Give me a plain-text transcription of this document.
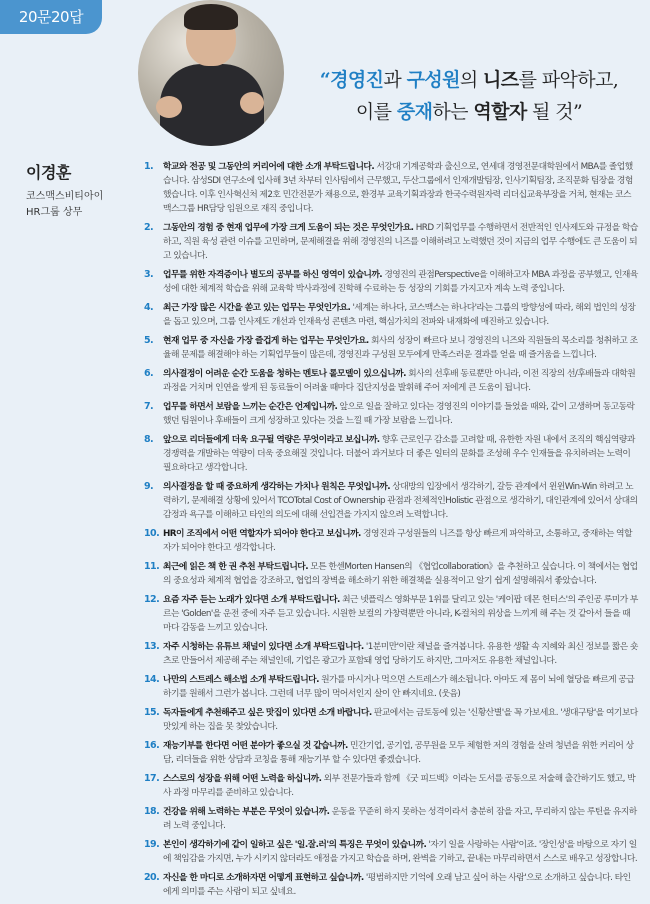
20문20답
“경영진과 구성원의 니즈를 파악하고,
이를 중재하는 역할자 될 것”
이경훈
코스맥스비티아이
HR그룹 상무
1. 학교와 전공 및 그동안의 커리어에 대한 소개 부탁드립니다. 서강대 기계공학과 출신으로, 연세대 경영전문대학원에서 MBA를 졸업했습니다. 삼성SDI 연구소에 입사해 3년 차부터 인사팀에서 근무했고, 두산그룹에서 인재개발팀장, 인사기획팀장, 조직문화 팀장을 경험했습니다. 이후 인사혁신처 제2호 민간전문가 채용으로, 환경부 교육기획과장과 한국수력원자력 리더십교육부장을 거쳐, 현재는 코스맥스그룹 HR담당 임원으로 재직 중입니다.
2. 그동안의 경험 중 현재 업무에 가장 크게 도움이 되는 것은 무엇인가요. HRD 기획업무를 수행하면서 전반적인 인사제도와 규정을 학습하고, 직원 육성 관련 이슈를 고민하며, 문제해결을 위해 경영진의 니즈를 이해하려고 노력했던 것이 지금의 업무 수행에도 큰 도움이 되고 있습니다.
3. 업무를 위한 자격증이나 별도의 공부를 하신 영역이 있습니까. 경영진의 관점Perspective을 이해하고자 MBA 과정을 공부했고, 인재육성에 대한 체계적 학습을 위해 교육학 박사과정에 진학해 수료하는 등 성장의 기회를 가지고자 계속 노력 중입니다.
4. 최근 가장 많은 시간을 쏟고 있는 업무는 무엇인가요. '세계는 하나다, 코스맥스는 하나다'라는 그룹의 방향성에 따라, 해외 법인의 성장을 돕고 있으며, 그룹 인사제도 개선과 인재육성 콘텐츠 마련, 핵심가치의 전파와 내재화에 매진하고 있습니다.
5. 현재 업무 중 자신을 가장 즐겁게 하는 업무는 무엇인가요. 회사의 성장이 빠르다 보니 경영진의 니즈와 직원들의 목소리를 청취하고 조율해 문제를 해결해야 하는 기획업무들이 많은데, 경영진과 구성원 모두에게 만족스러운 결과를 얻을 때 즐거움을 느낍니다.
6. 의사결정이 어려운 순간 도움을 청하는 멘토나 롤모델이 있으십니까. 회사의 선후배 동료뿐만 아니라, 이전 직장의 선/후배들과 대학원 과정을 거치며 인연을 쌓게 된 동료들이 어려울 때마다 집단지성을 발휘해 주어 저에게 큰 도움이 됩니다.
7. 업무를 하면서 보람을 느끼는 순간은 언제입니까. 앞으로 일을 잘하고 있다는 경영진의 이야기를 들었을 때와, 같이 고생하며 동고동락했던 팀원이나 후배들이 크게 성장하고 있다는 것을 느낄 때 가장 보람을 느낍니다.
8. 앞으로 리더들에게 더욱 요구될 역량은 무엇이라고 보십니까. 향후 근로인구 감소를 고려할 때, 유한한 자원 내에서 조직의 핵심역량과 경쟁력을 개발하는 역량이 더욱 중요해질 것입니다. 더불어 과거보다 더 좋은 일터의 문화를 조성해 우수 인재들을 유치하려는 노력이 필요하다고 생각합니다.
9. 의사결정을 할 때 중요하게 생각하는 가치나 원칙은 무엇입니까. 상대방의 입장에서 생각하기, 갈등 관계에서 윈윈Win-Win 하려고 노력하기, 문제해결 상황에 있어서 TCOTotal Cost of Ownership 관점과 전체적인Holistic 관점으로 생각하기, 대인관계에 있어서 상대의 감정과 욕구를 이해하고 타인의 의도에 대해 선입견을 가지지 않으려 노력합니다.
10. HR이 조직에서 어떤 역할자가 되어야 한다고 보십니까. 경영진과 구성원들의 니즈를 항상 빠르게 파악하고, 소통하고, 중재하는 역할자가 되어야 한다고 생각합니다.
11. 최근에 읽은 책 한 권 추천 부탁드립니다. 모튼 한센Morten Hansen의 《협업collaboration》을 추천하고 싶습니다. 이 책에서는 협업의 중요성과 체계적 협업을 강조하고, 협업의 장벽을 해소하기 위한 해결책을 실용적이고 알기 쉽게 설명해줘서 좋았습니다.
12. 요즘 자주 듣는 노래가 있다면 소개 부탁드립니다. 최근 넷플릭스 영화부문 1위를 달리고 있는 '케이팝 데몬 헌터스'의 주인공 루미가 부르는 'Golden'을 운전 중에 자주 듣고 있습니다. 시원한 보컬의 가창력뿐만 아니라, K-컬처의 위상을 느끼게 해 주는 것 같아서 들을 때마다 감동을 느끼고 있습니다.
13. 자주 시청하는 유튜브 채널이 있다면 소개 부탁드립니다. '1분미만'이란 채널을 즐겨봅니다. 유용한 생활 속 지혜와 최신 정보를 짧은 숏츠로 만들어서 제공해 주는 채널인데, 기업은 광고가 포함돼 영업 당하기도 하지만, 그마저도 유용한 채널입니다.
14. 나만의 스트레스 해소법 소개 부탁드립니다. 원가를 마시거나 먹으면 스트레스가 해소됩니다. 아마도 제 몸이 뇌에 혈당을 빠르게 공급하기를 원해서 그런가 봅니다. 그런데 너무 많이 먹어서인지 살이 안 빠지네요. (웃음)
15. 독자들에게 추천해주고 싶은 맛집이 있다면 소개 바랍니다. 판교에서는 금토동에 있는 '신황산별'을 꼭 가보세요. '생대구탕'을 여기보다 맛있게 하는 집을 못 찾았습니다.
16. 재능기부를 한다면 어떤 분야가 좋으실 것 같습니까. 민간기업, 공기업, 공무원을 모두 체험한 저의 경험을 살려 청년을 위한 커리어 상담, 리더들을 위한 상담과 코칭을 통해 재능기부 할 수 있다면 좋겠습니다.
17. 스스로의 성장을 위해 어떤 노력을 하십니까. 외부 전문가들과 함께 《굿 피드백》이라는 도서를 공동으로 저술해 출간하기도 했고, 박사 과정 마무리를 준비하고 있습니다.
18. 건강을 위해 노력하는 부분은 무엇이 있습니까. 운동을 꾸준히 하지 못하는 성격이라서 충분히 잠을 자고, 무리하지 않는 루틴을 유지하려 노력 중입니다.
19. 본인이 생각하기에 같이 일하고 싶은 '일.잘.러'의 특징은 무엇이 있습니까. '자기 일을 사랑하는 사람'이죠. '장인성'을 바탕으로 자기 일에 책임감을 가지면, 누가 시키지 않더라도 애정을 가지고 학습을 하며, 완벽을 기하고, 끝내는 마무리하면서 스스로 배우고 성장합니다.
20. 자신을 한 마디로 소개하자면 어떻게 표현하고 싶습니까. '평범하지만 기억에 오래 남고 싶어 하는 사람'으로 소개하고 싶습니다. 타인에게 의미를 주는 사람이 되고 싶네요.
